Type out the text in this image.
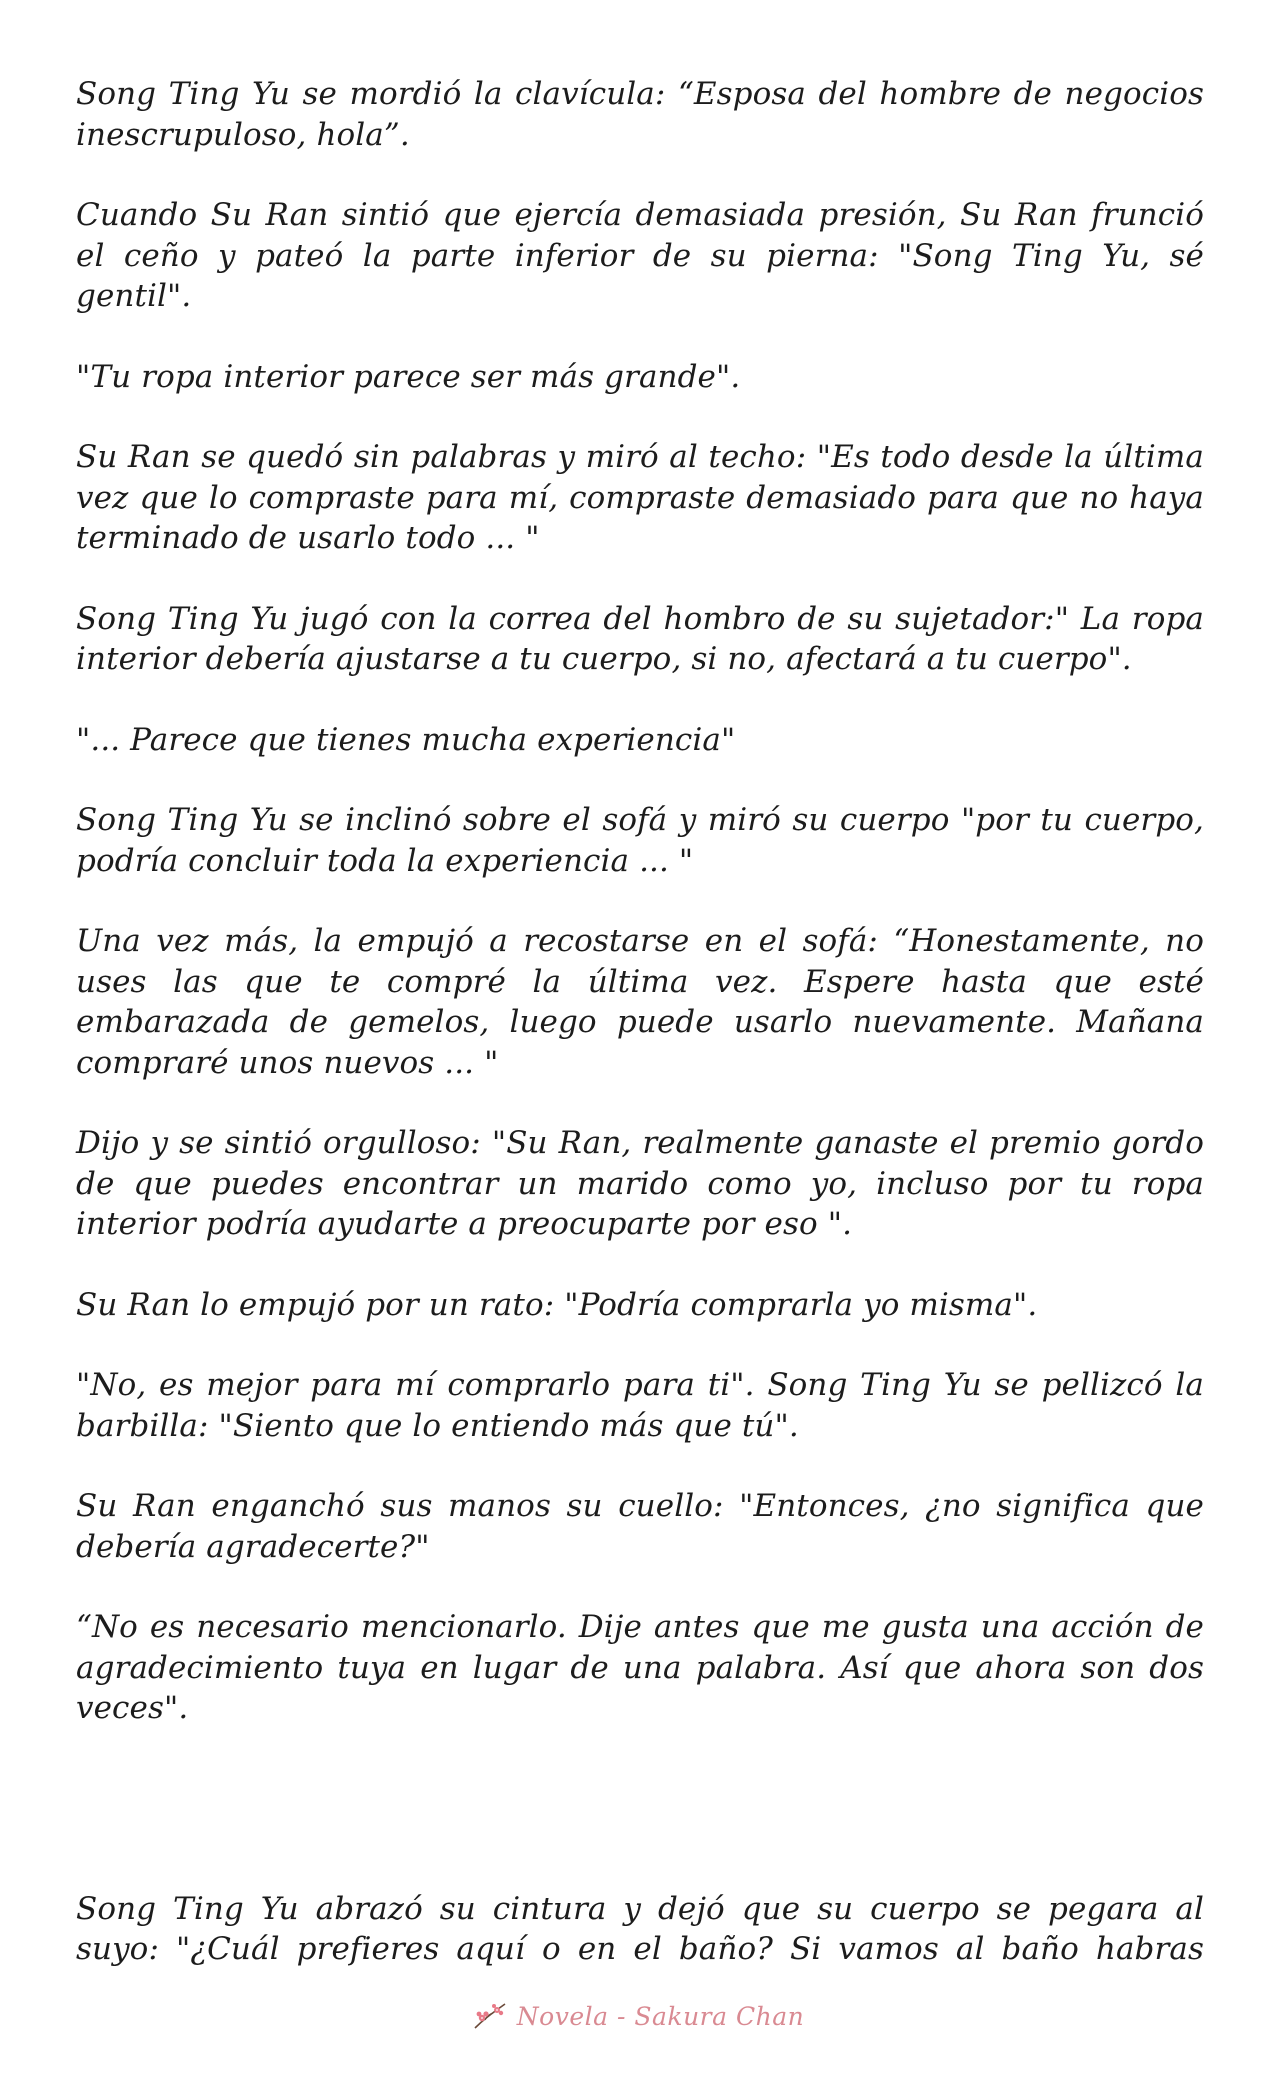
Song Ting Yu se mordió la clavícula: “Esposa del hombre de negocios inescrupuloso, hola”.

Cuando Su Ran sintió que ejercía demasiada presión, Su Ran frunció el ceño y pateó la parte inferior de su pierna: "Song Ting Yu, sé gentil".

"Tu ropa interior parece ser más grande".

Su Ran se quedó sin palabras y miró al techo: "Es todo desde la última vez que lo compraste para mí, compraste demasiado para que no haya terminado de usarlo todo ... "

Song Ting Yu jugó con la correa del hombro de su sujetador:" La ropa interior debería ajustarse a tu cuerpo, si no, afectará a tu cuerpo".

"... Parece que tienes mucha experiencia"

Song Ting Yu se inclinó sobre el sofá y miró su cuerpo "por tu cuerpo, podría concluir toda la experiencia ... "

Una vez más, la empujó a recostarse en el sofá: “Honestamente, no uses las que te compré la última vez. Espere hasta que esté embarazada de gemelos, luego puede usarlo nuevamente. Mañana compraré unos nuevos ... "

Dijo y se sintió orgulloso: "Su Ran, realmente ganaste el premio gordo de que puedes encontrar un marido como yo, incluso por tu ropa interior podría ayudarte a preocuparte por eso ".

Su Ran lo empujó por un rato: "Podría comprarla yo misma".

"No, es mejor para mí comprarlo para ti". Song Ting Yu se pellizcó la barbilla: "Siento que lo entiendo más que tú".

Su Ran enganchó sus manos su cuello: "Entonces, ¿no significa que debería agradecerte?"

“No es necesario mencionarlo. Dije antes que me gusta una acción de agradecimiento tuya en lugar de una palabra. Así que ahora son dos veces".

Song Ting Yu abrazó su cintura y dejó que su cuerpo se pegara al suyo: "¿Cuál prefieres aquí o en el baño? Si vamos al baño habras

Novela - Sakura Chan
